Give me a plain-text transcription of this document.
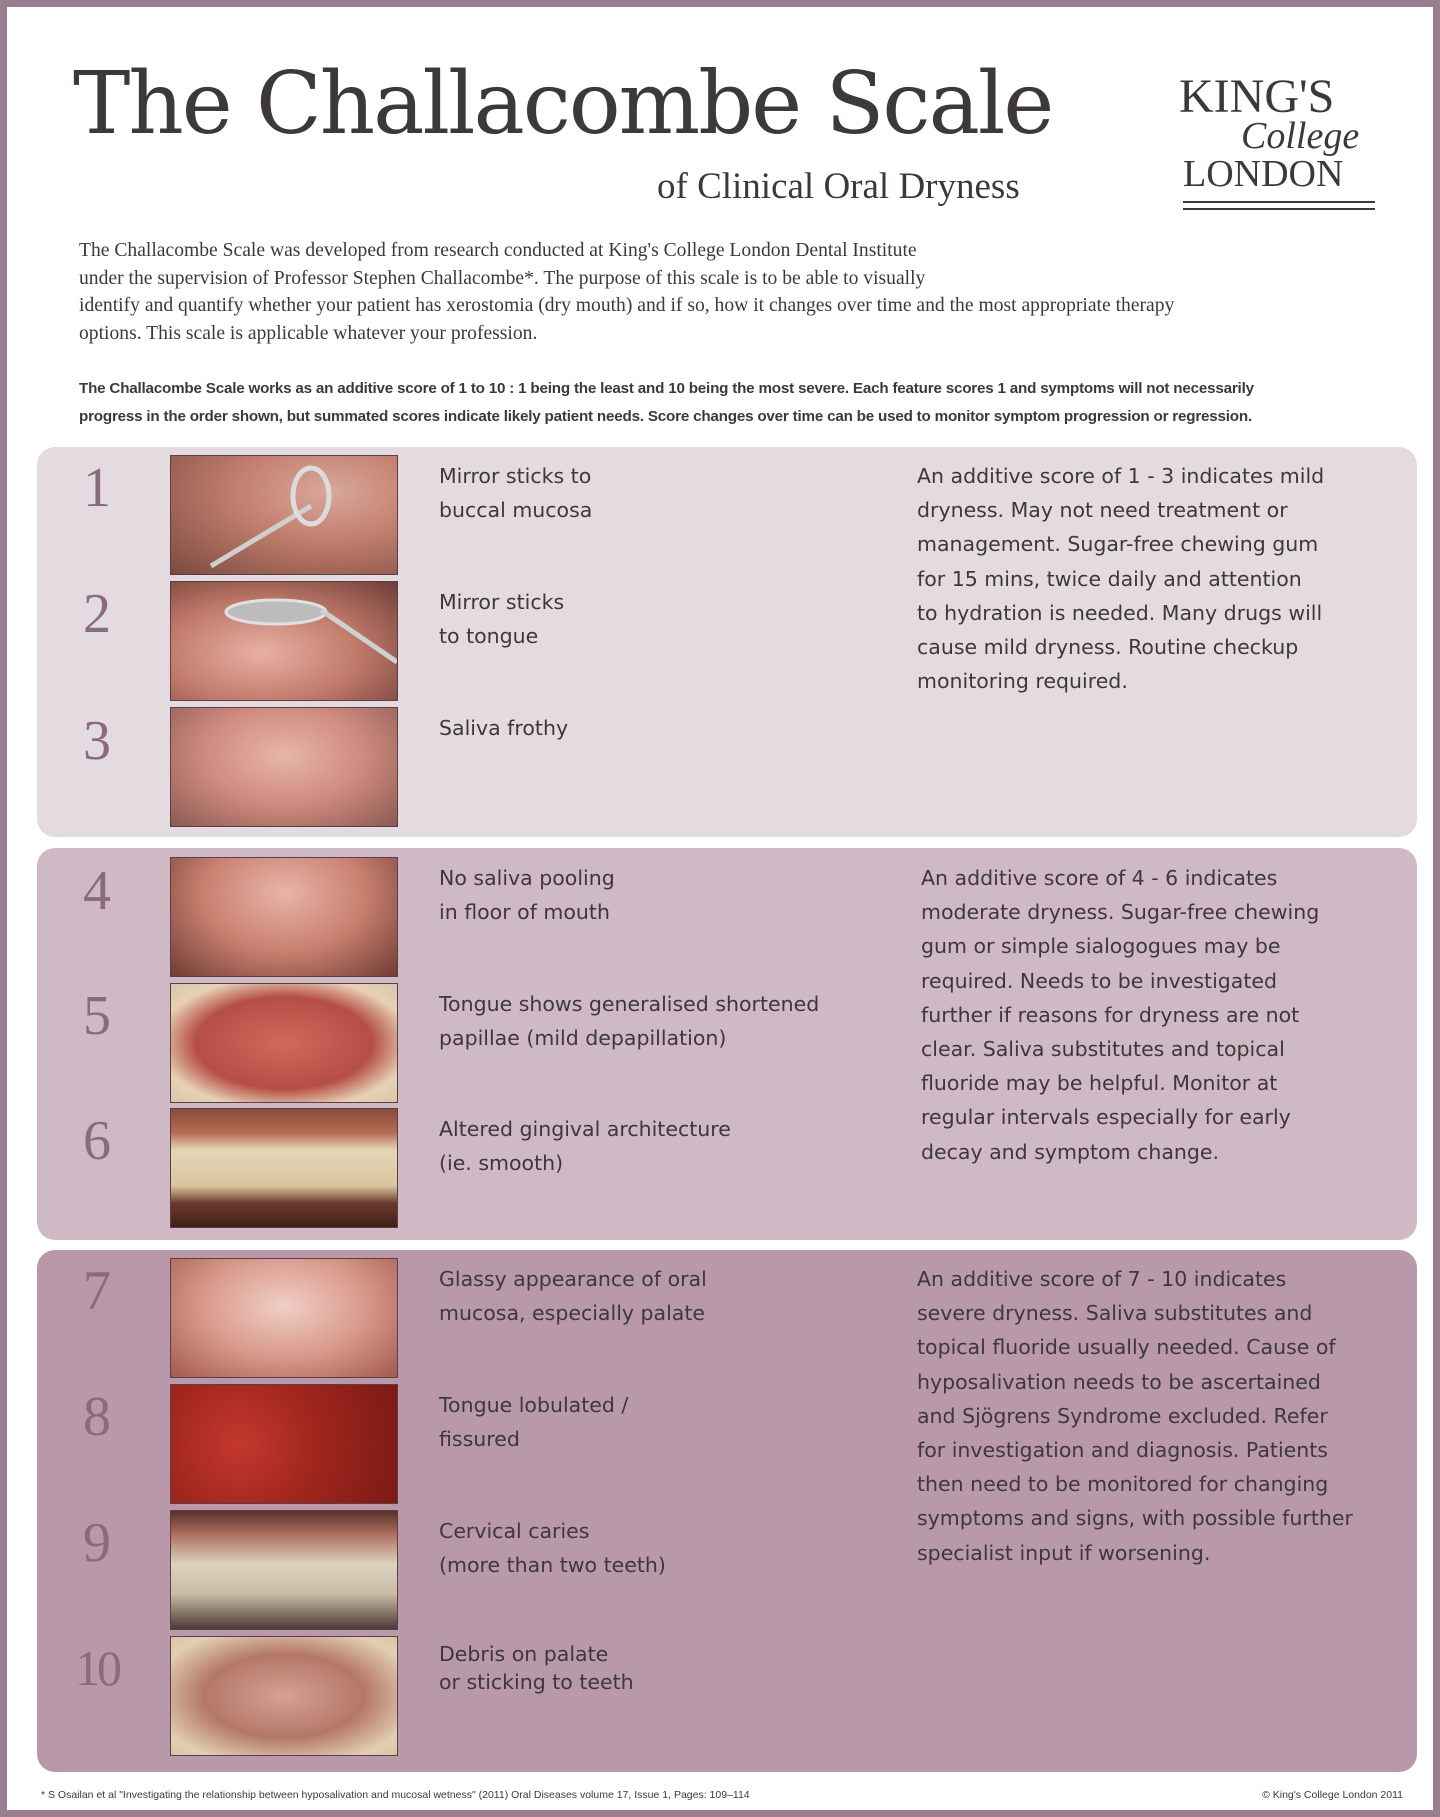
The Challacombe Scale
of Clinical Oral Dryness
KING'S
College
LONDON
The Challacombe Scale was developed from research conducted at King's College London Dental Institute
under the supervision of Professor Stephen Challacombe*. The purpose of this scale is to be able to visually
identify and quantify whether your patient has xerostomia (dry mouth) and if so, how it changes over time and the most appropriate therapy
options. This scale is applicable whatever your profession.
The Challacombe Scale works as an additive score of 1 to 10 : 1 being the least and 10 being the most severe. Each feature scores 1 and symptoms will not necessarily
progress in the order shown, but summated scores indicate likely patient needs. Score changes over time can be used to monitor symptom progression or regression.
1	Mirror sticks to
buccal mucosa
2	Mirror sticks
to tongue
3	Saliva frothy
An additive score of 1 - 3 indicates mild
dryness. May not need treatment or
management. Sugar-free chewing gum
for 15 mins, twice daily and attention
to hydration is needed. Many drugs will
cause mild dryness. Routine checkup
monitoring required.
4	No saliva pooling
in floor of mouth
5	Tongue shows generalised shortened
papillae (mild depapillation)
6	Altered gingival architecture
(ie. smooth)
An additive score of 4 - 6 indicates
moderate dryness. Sugar-free chewing
gum or simple sialogogues may be
required. Needs to be investigated
further if reasons for dryness are not
clear. Saliva substitutes and topical
fluoride may be helpful. Monitor at
regular intervals especially for early
decay and symptom change.
7	Glassy appearance of oral
mucosa, especially palate
8	Tongue lobulated /
fissured
9	Cervical caries
(more than two teeth)
10	Debris on palate
or sticking to teeth
An additive score of 7 - 10 indicates
severe dryness. Saliva substitutes and
topical fluoride usually needed. Cause of
hyposalivation needs to be ascertained
and Sjögrens Syndrome excluded. Refer
for investigation and diagnosis. Patients
then need to be monitored for changing
symptoms and signs, with possible further
specialist input if worsening.
* S Osailan et al "Investigating the relationship between hyposalivation and mucosal wetness" (2011) Oral Diseases volume 17, Issue 1, Pages: 109–114	© King's College London 2011
